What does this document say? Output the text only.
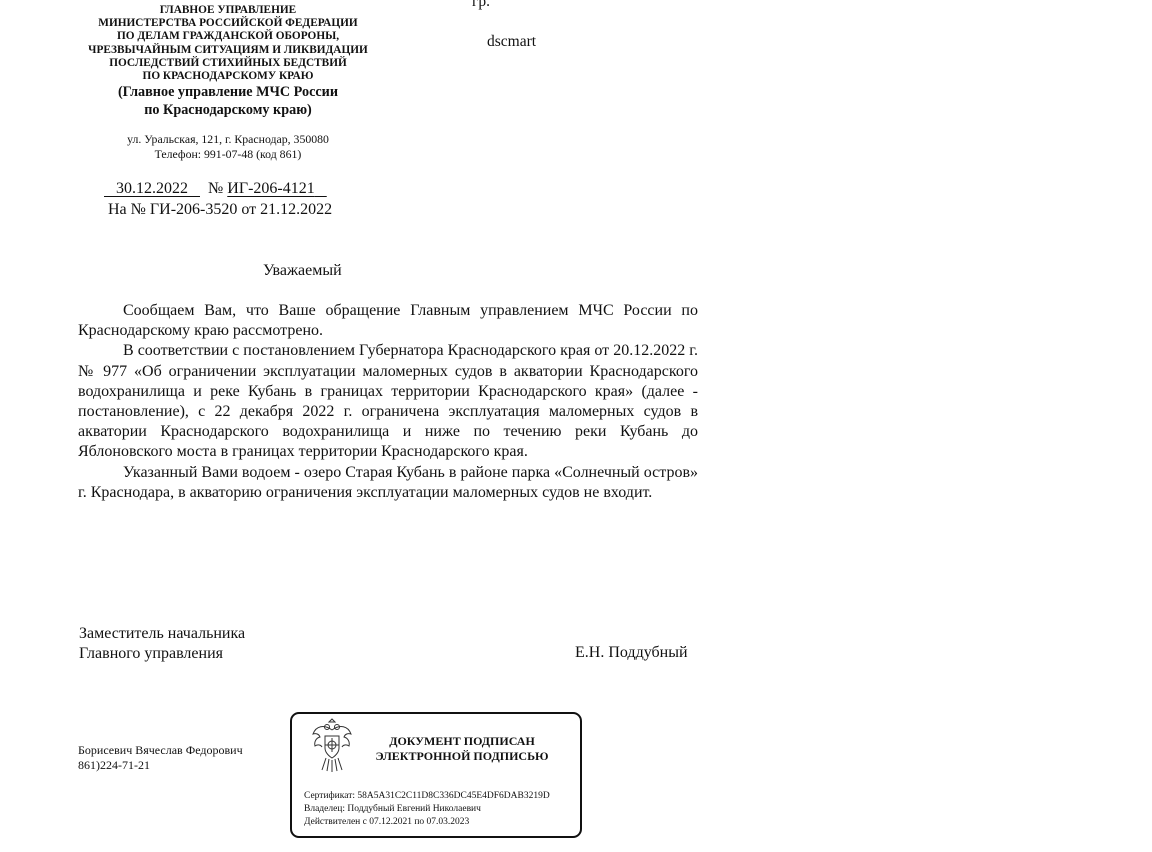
ГЛАВНОЕ УПРАВЛЕНИЕ
МИНИСТЕРСТВА РОССИЙСКОЙ ФЕДЕРАЦИИ
ПО ДЕЛАМ ГРАЖДАНСКОЙ ОБОРОНЫ,
ЧРЕЗВЫЧАЙНЫМ СИТУАЦИЯМ И ЛИКВИДАЦИИ
ПОСЛЕДСТВИЙ СТИХИЙНЫХ БЕДСТВИЙ
ПО КРАСНОДАРСКОМУ КРАЮ
(Главное управление МЧС России
по Краснодарскому краю)
ул. Уральская, 121, г. Краснодар, 350080
Телефон: 991-07-48 (код 861)
гр.
dscmart
30.12.2022 № ИГ-206-4121
На № ГИ-206-3520 от 21.12.2022
Уважаемый

Сообщаем Вам, что Ваше обращение Главным управлением МЧС России по Краснодарскому краю рассмотрено.

В соответствии с постановлением Губернатора Краснодарского края от 20.12.2022 г. № 977 «Об ограничении эксплуатации маломерных судов в акватории Краснодарского водохранилища и реке Кубань в границах территории Краснодарского края» (далее - постановление), с 22 декабря 2022 г. ограничена эксплуатация маломерных судов в акватории Краснодарского водохранилища и ниже по течению реки Кубань до Яблоновского моста в границах территории Краснодарского края.

Указанный Вами водоем - озеро Старая Кубань в районе парка «Солнечный остров» г. Краснодара, в акваторию ограничения эксплуатации маломерных судов не входит.

Заместитель начальника
Главного управления	Е.Н. Поддубный
Борисевич Вячеслав Федорович
861)224-71-21
ДОКУМЕНТ ПОДПИСАН
ЭЛЕКТРОННОЙ ПОДПИСЬЮ
Сертификат: 58A5A31C2C11D8C336DC45E4DF6DAB3219D
Владелец: Поддубный Евгений Николаевич
Действителен с 07.12.2021 по 07.03.2023
